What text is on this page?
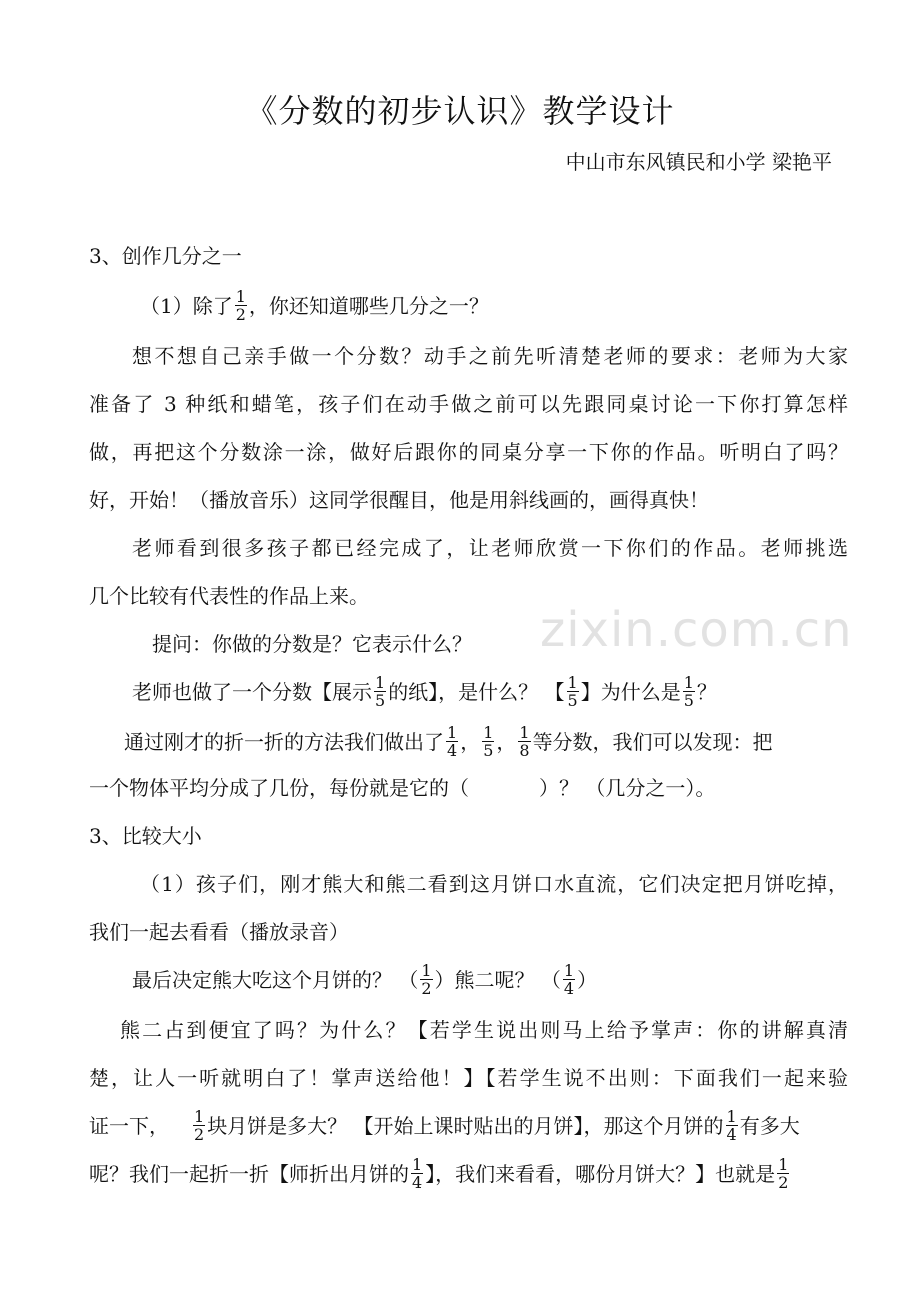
《分数的初步认识》教学设计
中山市东风镇民和小学 梁艳平
zixin.com.cn
3、创作几分之一
（1）除了 $\frac{1}{2}$ ，你还知道哪些几分之一？
想不想自己亲手做一个分数？动手之前先听清楚老师的要求：老师为大家
准备了 3 种纸和蜡笔，孩子们在动手做之前可以先跟同桌讨论一下你打算怎样
做，再把这个分数涂一涂，做好后跟你的同桌分享一下你的作品。听明白了吗？
好，开始！（播放音乐）这同学很醒目，他是用斜线画的，画得真快！
老师看到很多孩子都已经完成了，让老师欣赏一下你们的作品。老师挑选
几个比较有代表性的作品上来。
提问：你做的分数是？它表示什么？
老师也做了一个分数【展示 $\frac{1}{5}$ 的纸】，是什么？ 【 $\frac{1}{5}$ 】为什么是 $\frac{1}{5}$ ？
通过刚才的折一折的方法我们做出了 $\frac{1}{4}$ ， $\frac{1}{5}$ ， $\frac{1}{8}$ 等分数，我们可以发现：把
一个物体平均分成了几份，每份就是它的（	）？ （几分之一）。
3、比较大小
（1）孩子们，刚才熊大和熊二看到这月饼口水直流，它们决定把月饼吃掉，
我们一起去看看（播放录音）
最后决定熊大吃这个月饼的？ （ $\frac{1}{2}$ ）熊二呢？ （ $\frac{1}{4}$ ）
熊二占到便宜了吗？为什么？【若学生说出则马上给予掌声：你的讲解真清
楚，让人一听就明白了！掌声送给他！】【若学生说不出则：下面我们一起来验
证一下， $\frac{1}{2}$ 块月饼是多大？ 【开始上课时贴出的月饼】，那这个月饼的 $\frac{1}{4}$ 有多大
呢？我们一起折一折【师折出月饼的 $\frac{1}{4}$ 】，我们来看看，哪份月饼大？】也就是 $\frac{1}{2}$
